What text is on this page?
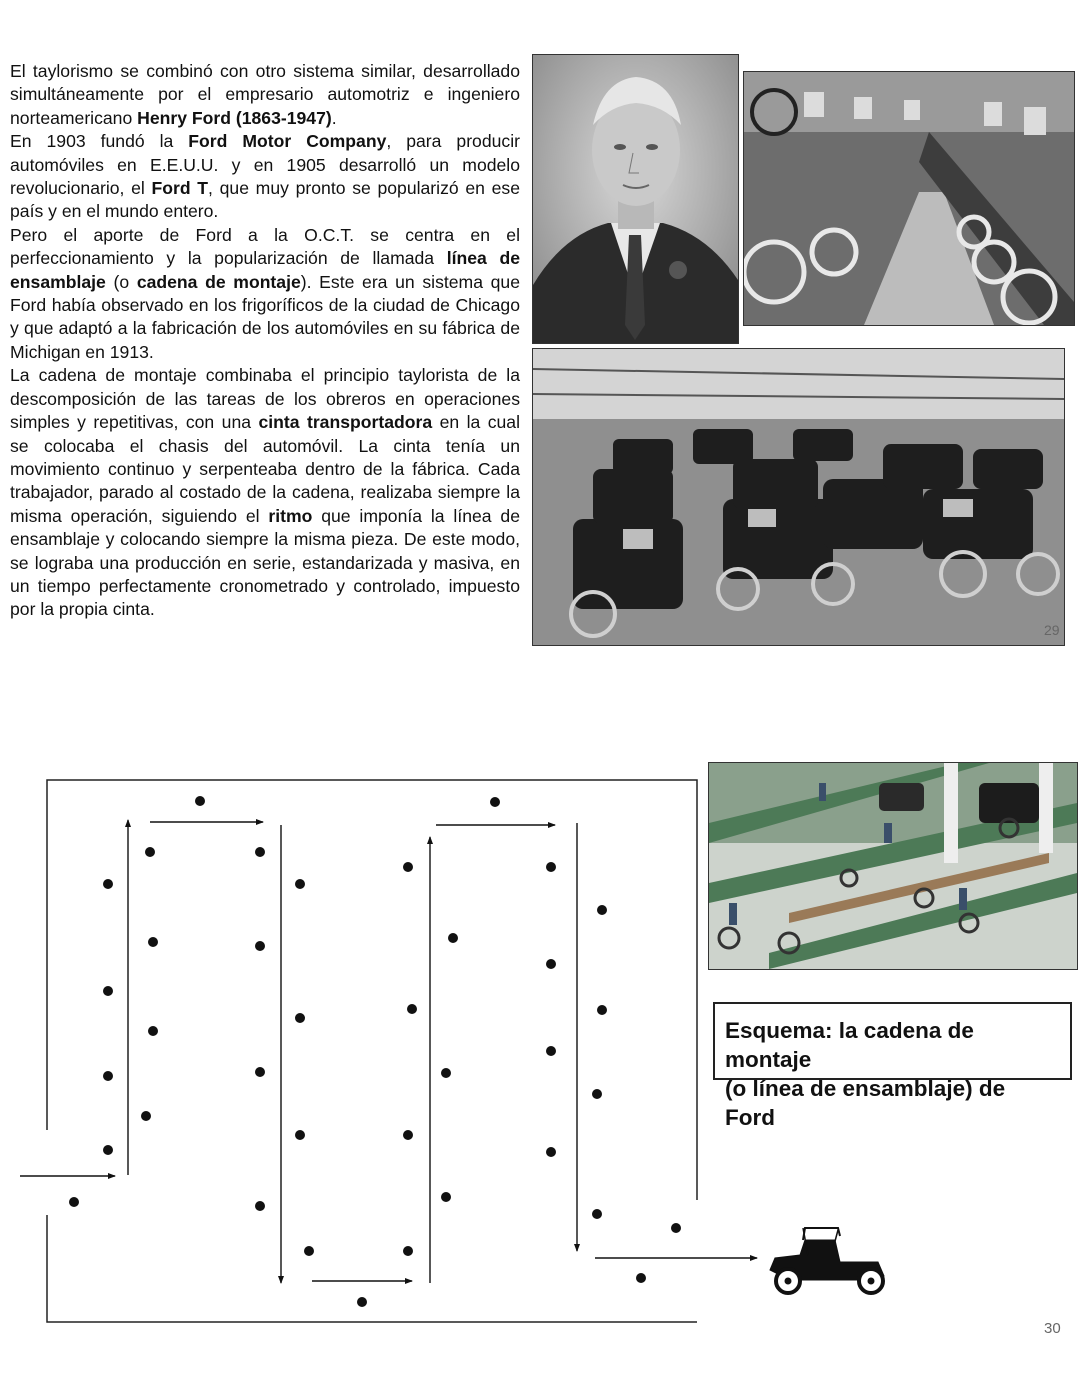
El taylorismo se combinó con otro sistema similar, desarrollado simultáneamente por el empresario automotriz e ingeniero norteamericano Henry Ford (1863-1947).

En 1903 fundó la Ford Motor Company, para producir automóviles en E.E.U.U. y en 1905 desarrolló un modelo revolucionario, el Ford T, que muy pronto se popularizó en ese país y en el mundo entero.

Pero el aporte de Ford a la O.C.T. se centra en el perfeccionamiento y la popularización de llamada línea de ensamblaje (o cadena de montaje). Este era un sistema que Ford había observado en los frigoríficos de la ciudad de Chicago y que adaptó a la fabricación de los automóviles en su fábrica de Michigan en 1913.

La cadena de montaje combinaba el principio taylorista de la descomposición de las tareas de los obreros en operaciones simples y repetitivas, con una cinta transportadora en la cual se colocaba el chasis del automóvil. La cinta tenía un movimiento continuo y serpenteaba dentro de la fábrica. Cada trabajador, parado al costado de la cadena, realizaba siempre la misma operación, siguiendo el ritmo que imponía la línea de ensamblaje y colocando siempre la misma pieza. De este modo, se lograba una producción en serie, estandarizada y masiva, en un tiempo perfectamente cronometrado y controlado, impuesto por la propia cinta.

29
Esquema: la cadena de montaje
(o línea de ensamblaje) de Ford
30
